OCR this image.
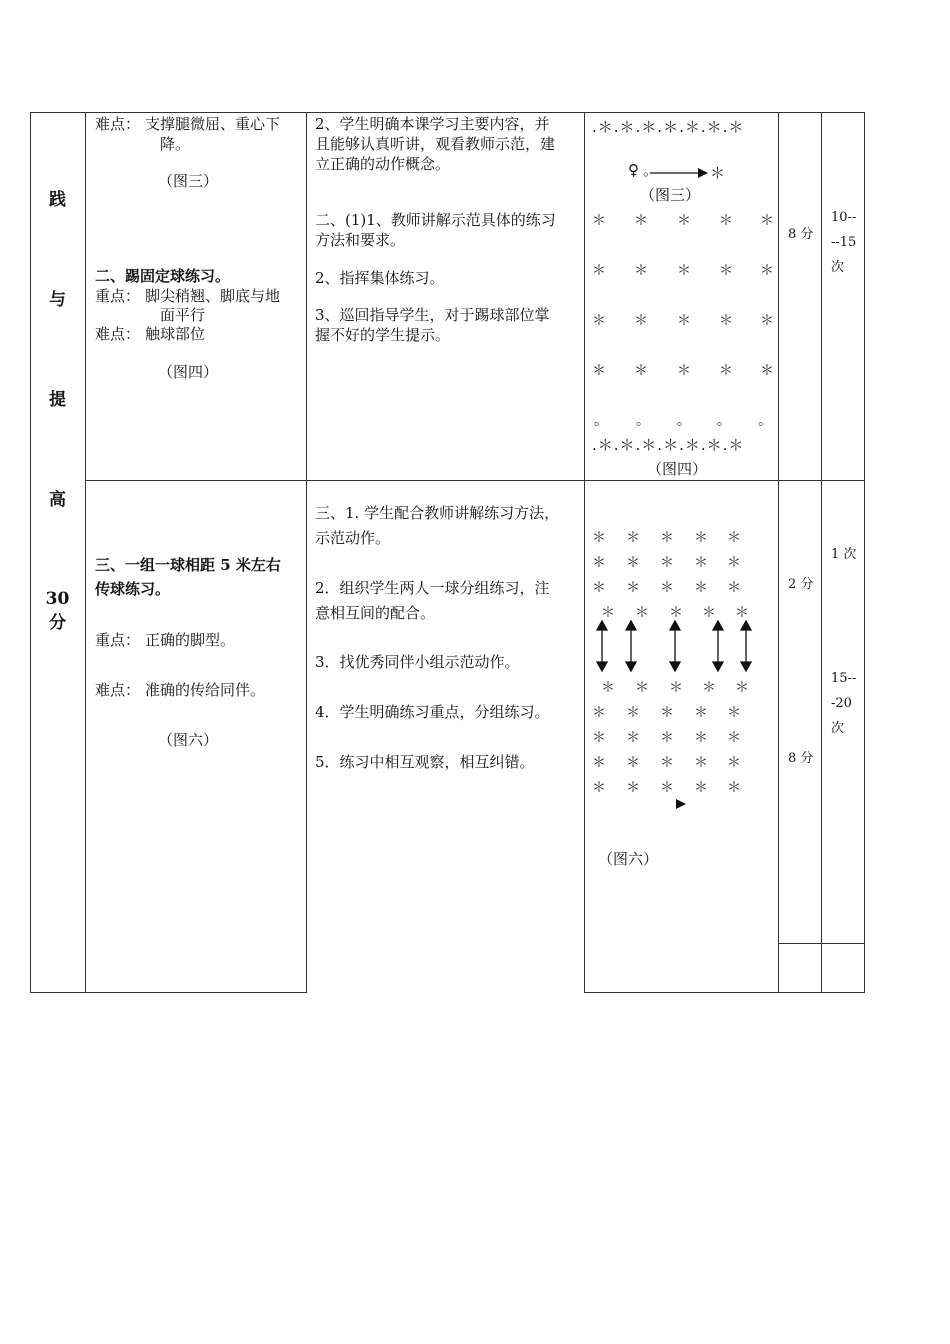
践
与
提
高
30
分
难点： 支撑腿微屈、重心下
降。
（图三）
二、踢固定球练习。
重点： 脚尖稍翘、脚底与地
面平行
难点： 触球部位
（图四）
2、学生明确本课学习主要内容，并
且能够认真听讲，观看教师示范，建
立正确的动作概念。
二、(1)1、教师讲解示范具体的练习
方法和要求。
2、指挥集体练习。
3、巡回指导学生，对于踢球部位掌
握不好的学生提示。
.＊.＊.＊.＊.＊.＊.＊
♀ 。	＊
（图三）
＊ ＊ ＊ ＊ ＊
＊ ＊ ＊ ＊ ＊
＊ ＊ ＊ ＊ ＊
＊ ＊ ＊ ＊ ＊
。 。 。 。 。
.＊.＊.＊.＊.＊.＊.＊
（图四）
8 分
10--
--15
次
三、一组一球相距 5 米左右
传球练习。
重点： 正确的脚型。
难点： 准确的传给同伴。
（图六）
三、1. 学生配合教师讲解练习方法，
示范动作。
2．组织学生两人一球分组练习，注
意相互间的配合。
3．找优秀同伴小组示范动作。
4．学生明确练习重点，分组练习。
5．练习中相互观察，相互纠错。
＊ ＊ ＊ ＊ ＊
＊ ＊ ＊ ＊ ＊
＊ ＊ ＊ ＊ ＊
＊ ＊ ＊ ＊ ＊
＊ ＊ ＊ ＊ ＊
＊ ＊ ＊ ＊ ＊
＊ ＊ ＊ ＊ ＊
＊ ＊ ＊ ＊ ＊
＊ ＊ ＊ ＊ ＊
（图六）
2 分
8 分
1 次
15--
-20
次
